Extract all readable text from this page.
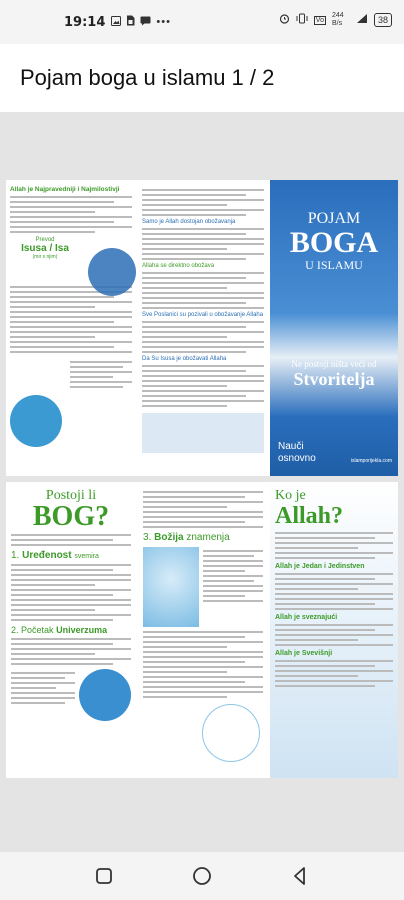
19:14	•••	Vo
244 B/s	38
Pojam boga u islamu 1 / 2
Allah je Najpravedniji i Najmilostivji
Prevod
Isusa / Isa
(mir s njim)
Samo je Allah dostojan obožavanja
Allaha se direktno obožava
Sve Poslanici su pozivali u obožavanje Allaha
Da Su Isusa je obožavati Allaha
POJAM
BOGA
U ISLAMU
Ne postoji ništa veći od
Stvoritelja
Nauči
osnovno	islamporijekla.com
Postoji li
BOG?
1. Uređenost svemira
2. Početak Univerzuma
3. Božija znamenja
Ko je
Allah?
Allah je Jedan i Jedinstven
Allah je sveznajući
Allah je Svevišnji
